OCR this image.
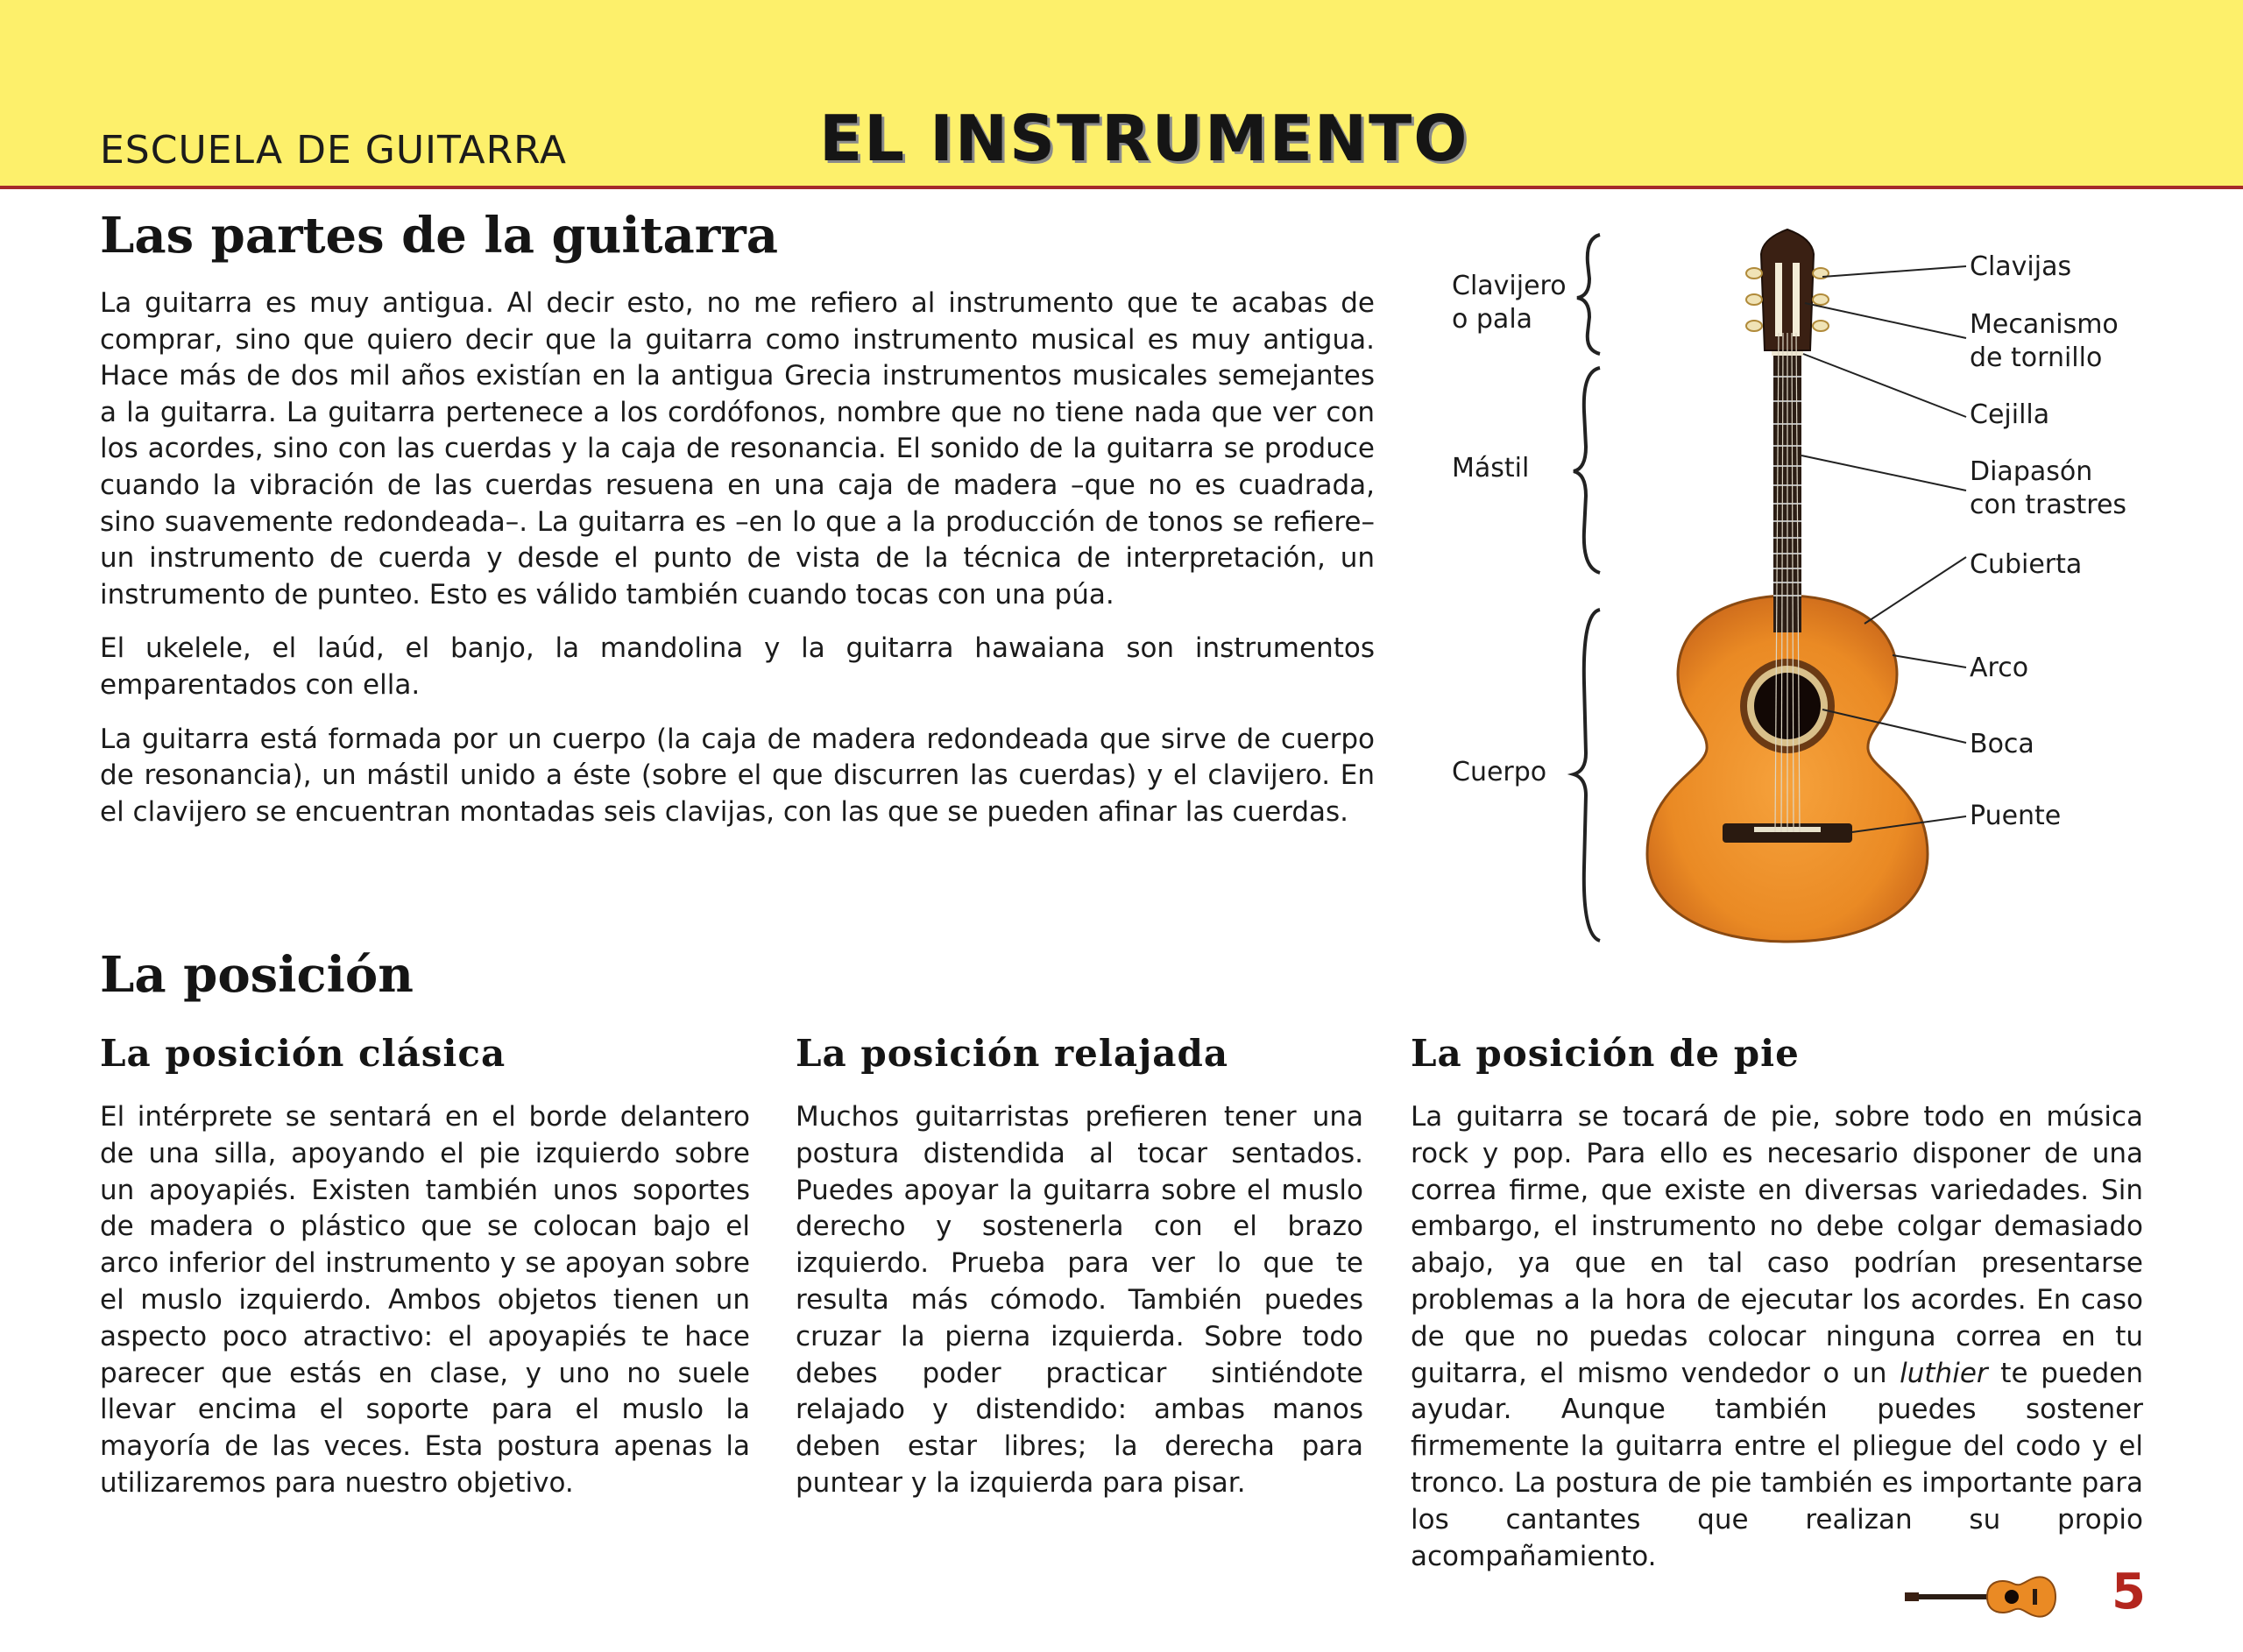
ESCUELA DE GUITARRA	EL INSTRUMENTO
Las partes de la guitarra

La guitarra es muy antigua. Al decir esto, no me refiero al instrumento que te acabas de comprar, sino que quiero decir que la guitarra como instrumento musical es muy antigua. Hace más de dos mil años existían en la antigua Grecia instrumentos musicales semejantes a la guitarra. La guitarra pertenece a los cordófonos, nombre que no tiene nada que ver con los acordes, sino con las cuerdas y la caja de resonancia. El sonido de la guitarra se produce cuando la vibración de las cuerdas resuena en una caja de madera –que no es cuadrada, sino suavemente redondeada–. La guitarra es –en lo que a la producción de tonos se refiere– un instrumento de cuerda y desde el punto de vista de la técnica de interpretación, un instrumento de punteo. Esto es válido también cuando tocas con una púa.

El ukelele, el laúd, el banjo, la mandolina y la guitarra hawaiana son instrumentos emparentados con ella.

La guitarra está formada por un cuerpo (la caja de madera redondeada que sirve de cuerpo de resonancia), un mástil unido a éste (sobre el que discurren las cuerdas) y el clavijero. En el clavijero se encuentran montadas seis clavijas, con las que se pueden afinar las cuerdas.

Clavijero
o pala
Mástil
Cuerpo
Clavijas
Mecanismo
de tornillo
Cejilla
Diapasón
con trastres
Cubierta
Arco
Boca
Puente
La posición
La posición clásica	La posición relajada	La posición de pie
El intérprete se sentará en el borde delantero de una silla, apoyando el pie izquierdo sobre un apoyapiés. Existen también unos soportes de madera o plástico que se colocan bajo el arco inferior del instrumento y se apoyan sobre el muslo izquierdo. Ambos objetos tienen un aspecto poco atractivo: el apoyapiés te hace parecer que estás en clase, y uno no suele llevar encima el soporte para el muslo la mayoría de las veces. Esta postura apenas la utilizaremos para nuestro objetivo.
Muchos guitarristas prefieren tener una postura distendida al tocar sentados. Puedes apoyar la guitarra sobre el muslo derecho y sostenerla con el brazo izquierdo. Prueba para ver lo que te resulta más cómodo. También puedes cruzar la pierna izquierda. Sobre todo debes poder practicar sintiéndote relajado y distendido: ambas manos deben estar libres; la derecha para puntear y la izquierda para pisar.
La guitarra se tocará de pie, sobre todo en música rock y pop. Para ello es necesario disponer de una correa firme, que existe en diversas variedades. Sin embargo, el instrumento no debe colgar demasiado abajo, ya que en tal caso podrían presentarse problemas a la hora de ejecutar los acordes. En caso de que no puedas colocar ninguna correa en tu guitarra, el mismo vendedor o un luthier te pueden ayudar. Aunque también puedes sostener firmemente la guitarra entre el pliegue del codo y el tronco. La postura de pie también es importante para los cantantes que realizan su propio acompañamiento.
5
